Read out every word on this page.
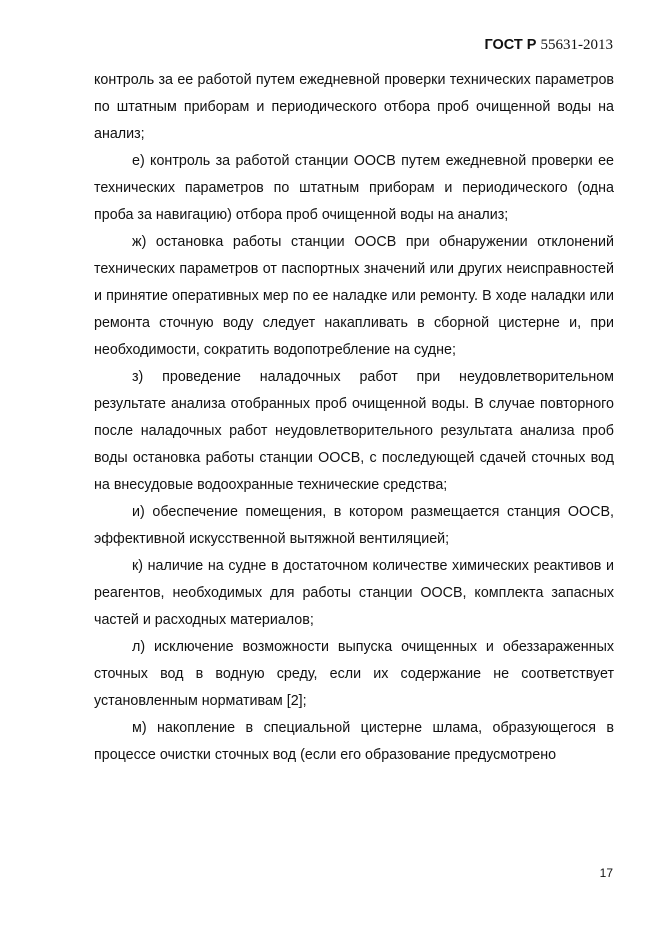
ГОСТ Р 55631-2013

контроль за ее работой путем ежедневной проверки технических параметров по штатным приборам и периодического отбора проб очищенной воды на анализ;

е) контроль за работой станции ООСВ путем ежедневной проверки ее технических параметров по штатным приборам и периодического (одна проба за навигацию) отбора проб очищенной воды на анализ;

ж) остановка работы станции ООСВ при обнаружении отклонений технических параметров от паспортных значений или других неисправностей и принятие оперативных мер по ее наладке или ремонту. В ходе наладки или ремонта сточную воду следует накапливать в сборной цистерне и, при необходимости, сократить водопотребление на судне;

з) проведение наладочных работ при неудовлетворительном результате анализа отобранных проб очищенной воды. В случае повторного после наладочных работ неудовлетворительного результата анализа проб воды остановка работы станции ООСВ, с последующей сдачей сточных вод на внесудовые водоохранные технические средства;

и) обеспечение помещения, в котором размещается станция ООСВ, эффективной искусственной вытяжной вентиляцией;

к) наличие на судне в достаточном количестве химических реактивов и реагентов, необходимых для работы станции ООСВ, комплекта запасных частей и расходных материалов;

л) исключение возможности выпуска очищенных и обеззараженных сточных вод в водную среду, если их содержание не соответствует установленным нормативам [2];

м) накопление в специальной цистерне шлама, образующегося в процессе очистки сточных вод (если его образование предусмотрено

17
